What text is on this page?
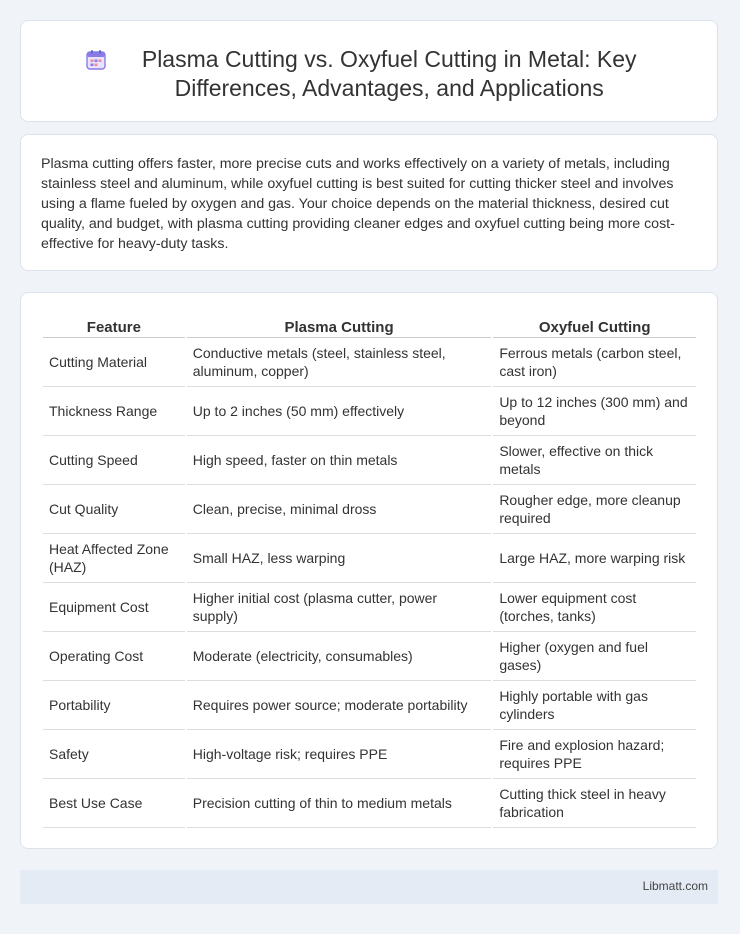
Plasma Cutting vs. Oxyfuel Cutting in Metal: Key Differences, Advantages, and Applications
Plasma cutting offers faster, more precise cuts and works effectively on a variety of metals, including stainless steel and aluminum, while oxyfuel cutting is best suited for cutting thicker steel and involves using a flame fueled by oxygen and gas. Your choice depends on the material thickness, desired cut quality, and budget, with plasma cutting providing cleaner edges and oxyfuel cutting being more cost-effective for heavy-duty tasks.
Feature	Plasma Cutting	Oxyfuel Cutting
Cutting Material	Conductive metals (steel, stainless steel, aluminum, copper)	Ferrous metals (carbon steel, cast iron)
Thickness Range	Up to 2 inches (50 mm) effectively	Up to 12 inches (300 mm) and beyond
Cutting Speed	High speed, faster on thin metals	Slower, effective on thick metals
Cut Quality	Clean, precise, minimal dross	Rougher edge, more cleanup required
Heat Affected Zone (HAZ)	Small HAZ, less warping	Large HAZ, more warping risk
Equipment Cost	Higher initial cost (plasma cutter, power supply)	Lower equipment cost (torches, tanks)
Operating Cost	Moderate (electricity, consumables)	Higher (oxygen and fuel gases)
Portability	Requires power source; moderate portability	Highly portable with gas cylinders
Safety	High-voltage risk; requires PPE	Fire and explosion hazard; requires PPE
Best Use Case	Precision cutting of thin to medium metals	Cutting thick steel in heavy fabrication
Libmatt.com
